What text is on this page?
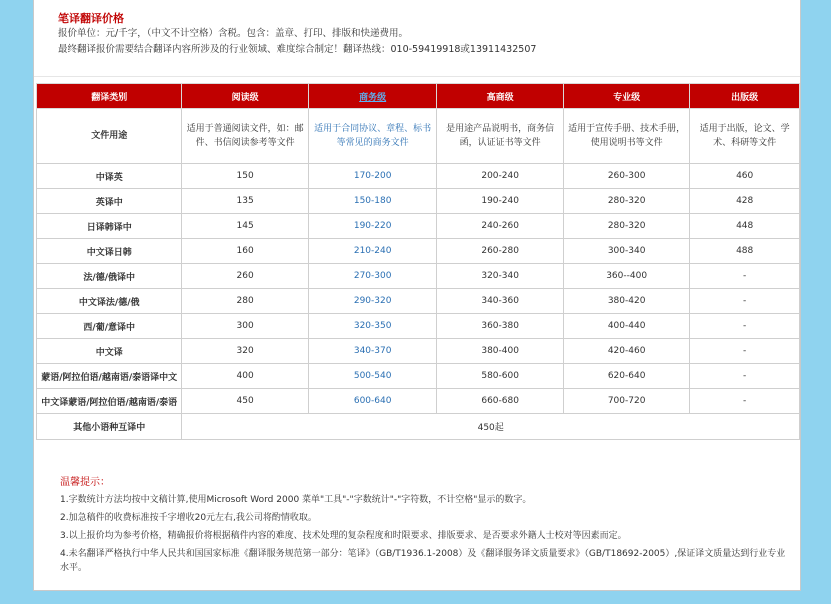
笔译翻译价格
报价单位：元/千字，（中文不计空格）含税。包含：盖章、打印、排版和快递费用。
最终翻译报价需要结合翻译内容所涉及的行业领域、难度综合制定！翻译热线：010-59419918或13911432507
翻译类别	阅读级	商务级	高商级	专业级	出版级
文件用途	适用于普通阅读文件，如：邮件、书信阅读参考等文件	适用于合同协议、章程、标书等常见的商务文件	是用途产品说明书，商务信函，认证证书等文件	适用于宣传手册、技术手册，使用说明书等文件	适用于出版，论文、学术、科研等文件
中译英	150	170-200	200-240	260-300	460
英译中	135	150-180	190-240	280-320	428
日译韩译中	145	190-220	240-260	280-320	448
中文译日韩	160	210-240	260-280	300-340	488
法/德/俄译中	260	270-300	320-340	360--400	-
中文译法/德/俄	280	290-320	340-360	380-420	-
西/葡/意译中	300	320-350	360-380	400-440	-
中文译	320	340-370	380-400	420-460	-
蒙语/阿拉伯语/越南语/泰语译中文	400	500-540	580-600	620-640	-
中文译蒙语/阿拉伯语/越南语/泰语	450	600-640	660-680	700-720	-
其他小语种互译中	450起				
温馨提示：
1.字数统计方法均按中文稿计算,使用Microsoft Word 2000 菜单"工具"-"字数统计"-"字符数，不计空格"显示的数字。
2.加急稿件的收费标准按千字增收20元左右,我公司将酌情收取。
3.以上报价均为参考价格，精确报价将根据稿件内容的难度、技术处理的复杂程度和时限要求、排版要求、是否要求外籍人士校对等因素而定。
4.未名翻译严格执行中华人民共和国国家标准《翻译服务规范第一部分：笔译》（GB/T1936.1-2008）及《翻译服务译文质量要求》（GB/T18692-2005）,保证译文质量达到行业专业水平。
